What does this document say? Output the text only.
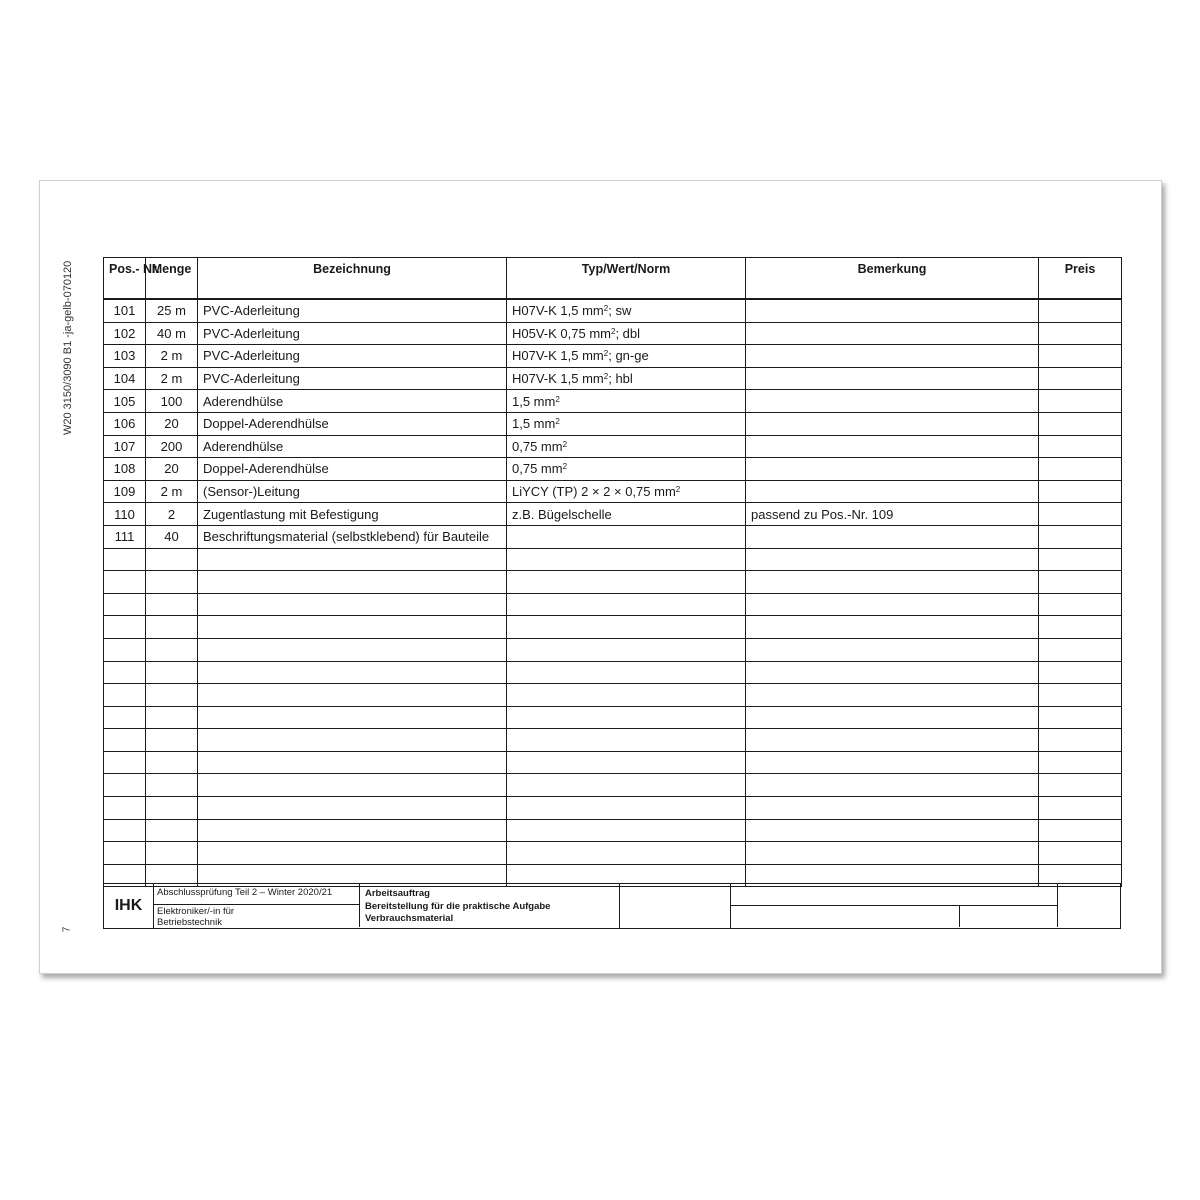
W20 3150/3090 B1 -ja-gelb-070120
7
Pos.- Nr.	Menge	Bezeichnung	Typ/Wert/Norm	Bemerkung	Preis
101	25 m	PVC-Aderleitung	H07V-K 1,5 $mm^2$; sw		
102	40 m	PVC-Aderleitung	H05V-K 0,75 $mm^2$; dbl		
103	2 m	PVC-Aderleitung	H07V-K 1,5 $mm^2$; gn-ge		
104	2 m	PVC-Aderleitung	H07V-K 1,5 $mm^2$; hbl		
105	100	Aderendhülse	1,5 $mm^2$		
106	20	Doppel-Aderendhülse	1,5 $mm^2$		
107	200	Aderendhülse	0,75 $mm^2$		
108	20	Doppel-Aderendhülse	0,75 $mm^2$		
109	2 m	(Sensor-)Leitung	LiYCY (TP) 2 × 2 × 0,75 $mm^2$		
110	2	Zugentlastung mit Befestigung	z.B. Bügelschelle	passend zu Pos.-Nr. 109	
111	40	Beschriftungsmaterial (selbstklebend) für Bauteile			

IHK
Abschlussprüfung Teil 2 – Winter 2020/21
Elektroniker/-in für
Betriebstechnik
Arbeitsauftrag
Bereitstellung für die praktische Aufgabe
Verbrauchsmaterial
